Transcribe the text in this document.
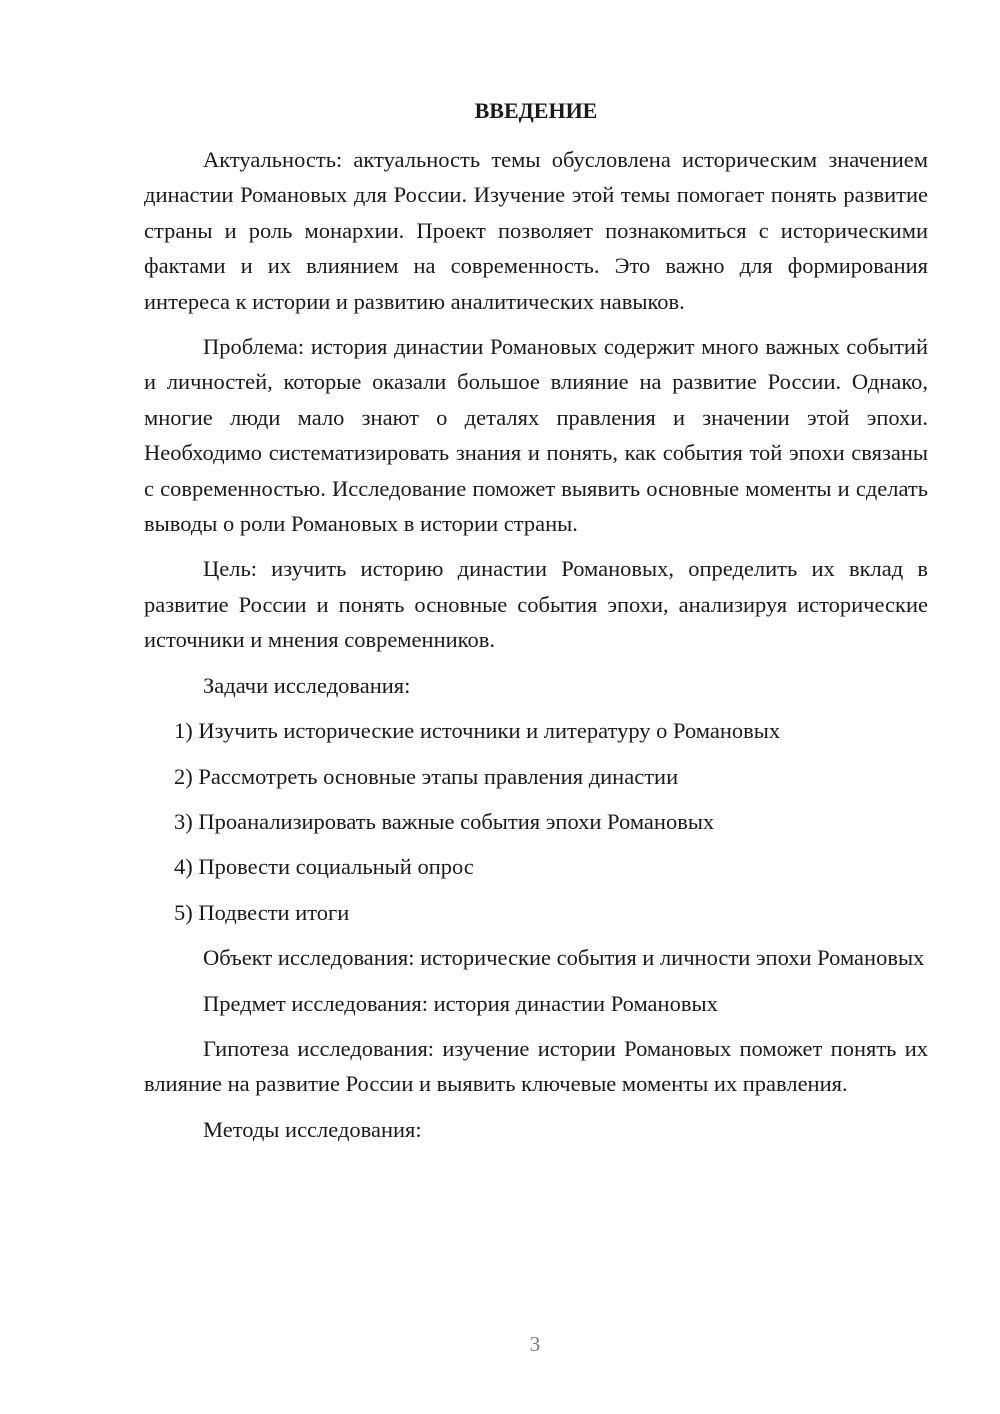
ВВЕДЕНИЕ

Актуальность: актуальность темы обусловлена историческим значением династии Романовых для России. Изучение этой темы помогает понять развитие страны и роль монархии. Проект позволяет познакомиться с историческими фактами и их влиянием на современность. Это важно для формирования интереса к истории и развитию аналитических навыков.

Проблема: история династии Романовых содержит много важных событий и личностей, которые оказали большое влияние на развитие России. Однако, многие люди мало знают о деталях правления и значении этой эпохи. Необходимо систематизировать знания и понять, как события той эпохи связаны с современностью. Исследование поможет выявить основные моменты и сделать выводы о роли Романовых в истории страны.

Цель: изучить историю династии Романовых, определить их вклад в развитие России и понять основные события эпохи, анализируя исторические источники и мнения современников.

Задачи исследования:
1) Изучить исторические источники и литературу о Романовых
2) Рассмотреть основные этапы правления династии
3) Проанализировать важные события эпохи Романовых
4) Провести социальный опрос
5) Подвести итоги

Объект исследования: исторические события и личности эпохи Романовых

Предмет исследования: история династии Романовых

Гипотеза исследования: изучение истории Романовых поможет понять их влияние на развитие России и выявить ключевые моменты их правления.

Методы исследования:
3
